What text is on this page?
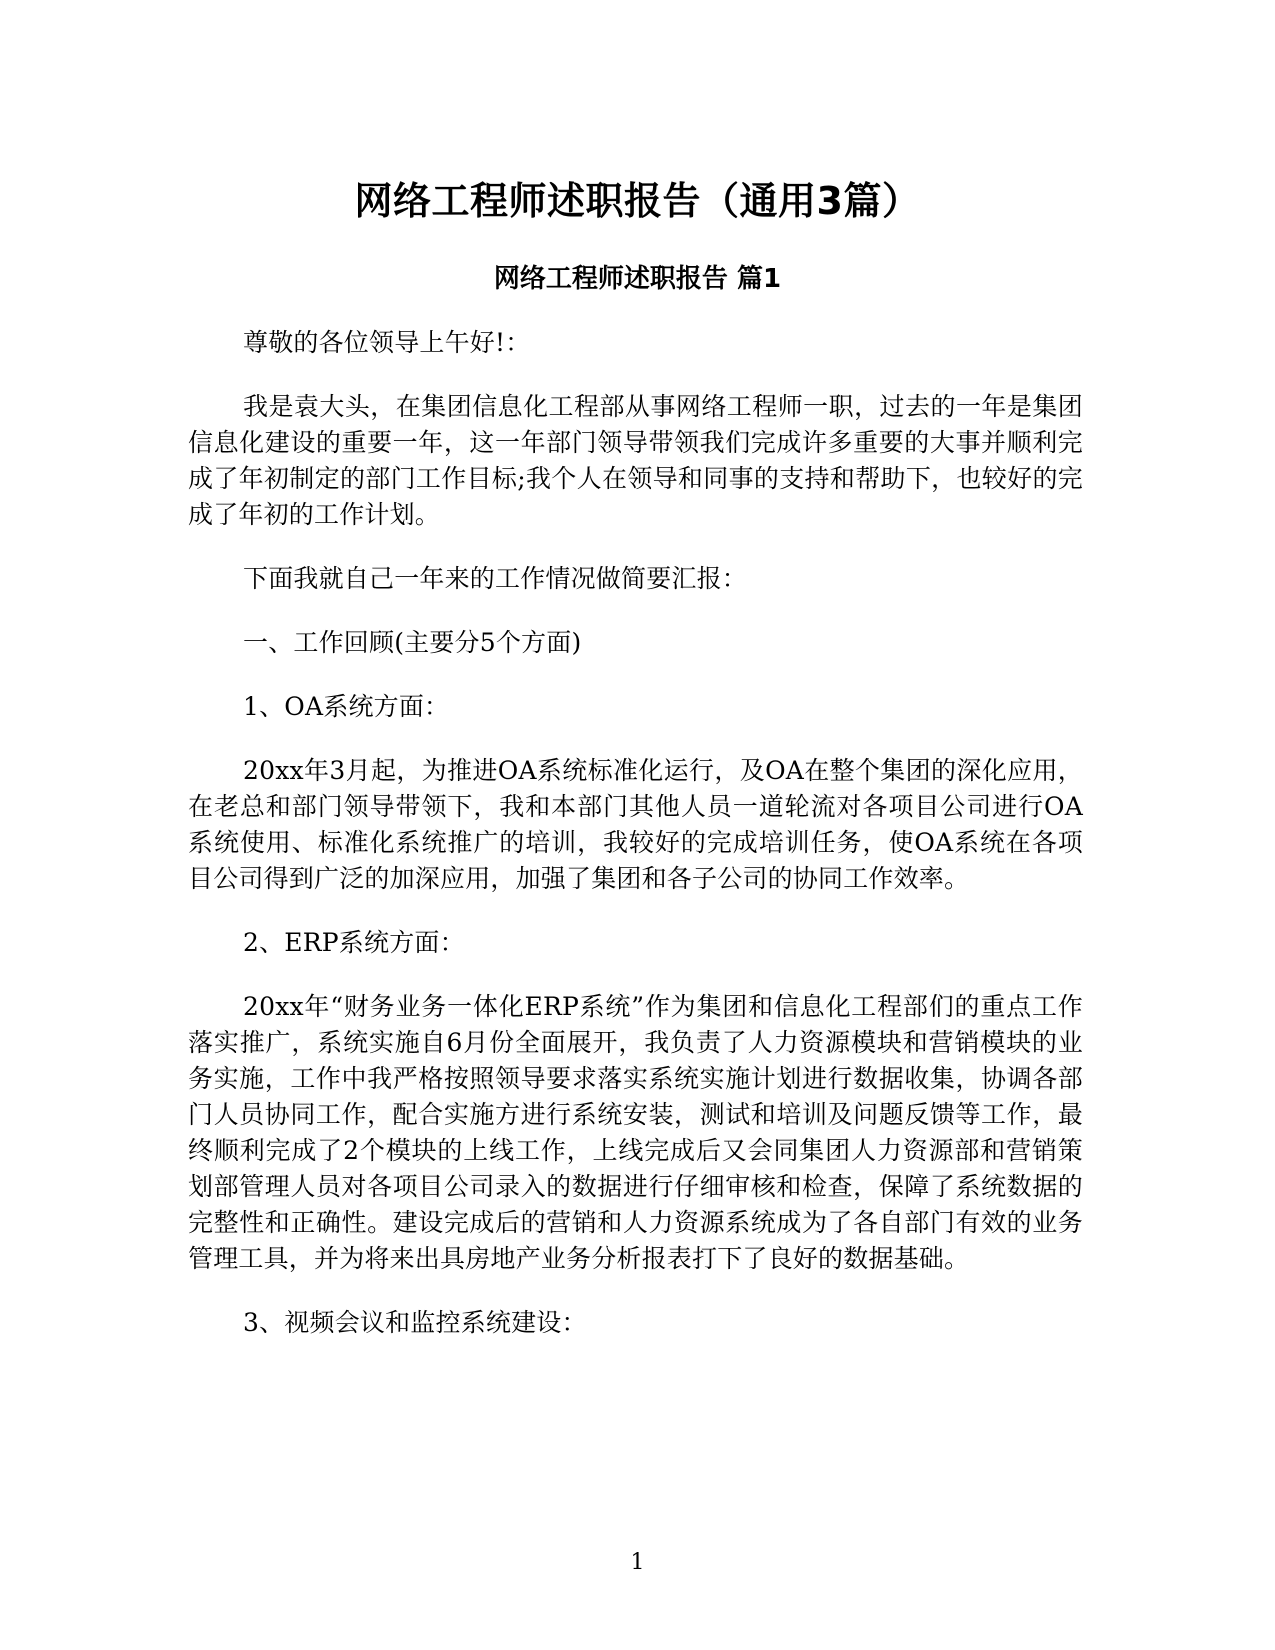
网络工程师述职报告（通用3篇）
网络工程师述职报告 篇1

尊敬的各位领导上午好!：

我是袁大头，在集团信息化工程部从事网络工程师一职，过去的一年是集团信息化建设的重要一年，这一年部门领导带领我们完成许多重要的大事并顺利完成了年初制定的部门工作目标;我个人在领导和同事的支持和帮助下，也较好的完成了年初的工作计划。

下面我就自己一年来的工作情况做简要汇报：

一、工作回顾(主要分5个方面)

1、OA系统方面：

20xx年3月起，为推进OA系统标准化运行，及OA在整个集团的深化应用，在老总和部门领导带领下，我和本部门其他人员一道轮流对各项目公司进行OA系统使用、标准化系统推广的培训，我较好的完成培训任务，使OA系统在各项目公司得到广泛的加深应用，加强了集团和各子公司的协同工作效率。

2、ERP系统方面：

20xx年“财务业务一体化ERP系统”作为集团和信息化工程部们的重点工作落实推广，系统实施自6月份全面展开，我负责了人力资源模块和营销模块的业务实施，工作中我严格按照领导要求落实系统实施计划进行数据收集，协调各部门人员协同工作，配合实施方进行系统安装，测试和培训及问题反馈等工作，最终顺利完成了2个模块的上线工作，上线完成后又会同集团人力资源部和营销策划部管理人员对各项目公司录入的数据进行仔细审核和检查，保障了系统数据的完整性和正确性。建设完成后的营销和人力资源系统成为了各自部门有效的业务管理工具，并为将来出具房地产业务分析报表打下了良好的数据基础。

3、视频会议和监控系统建设：

1
